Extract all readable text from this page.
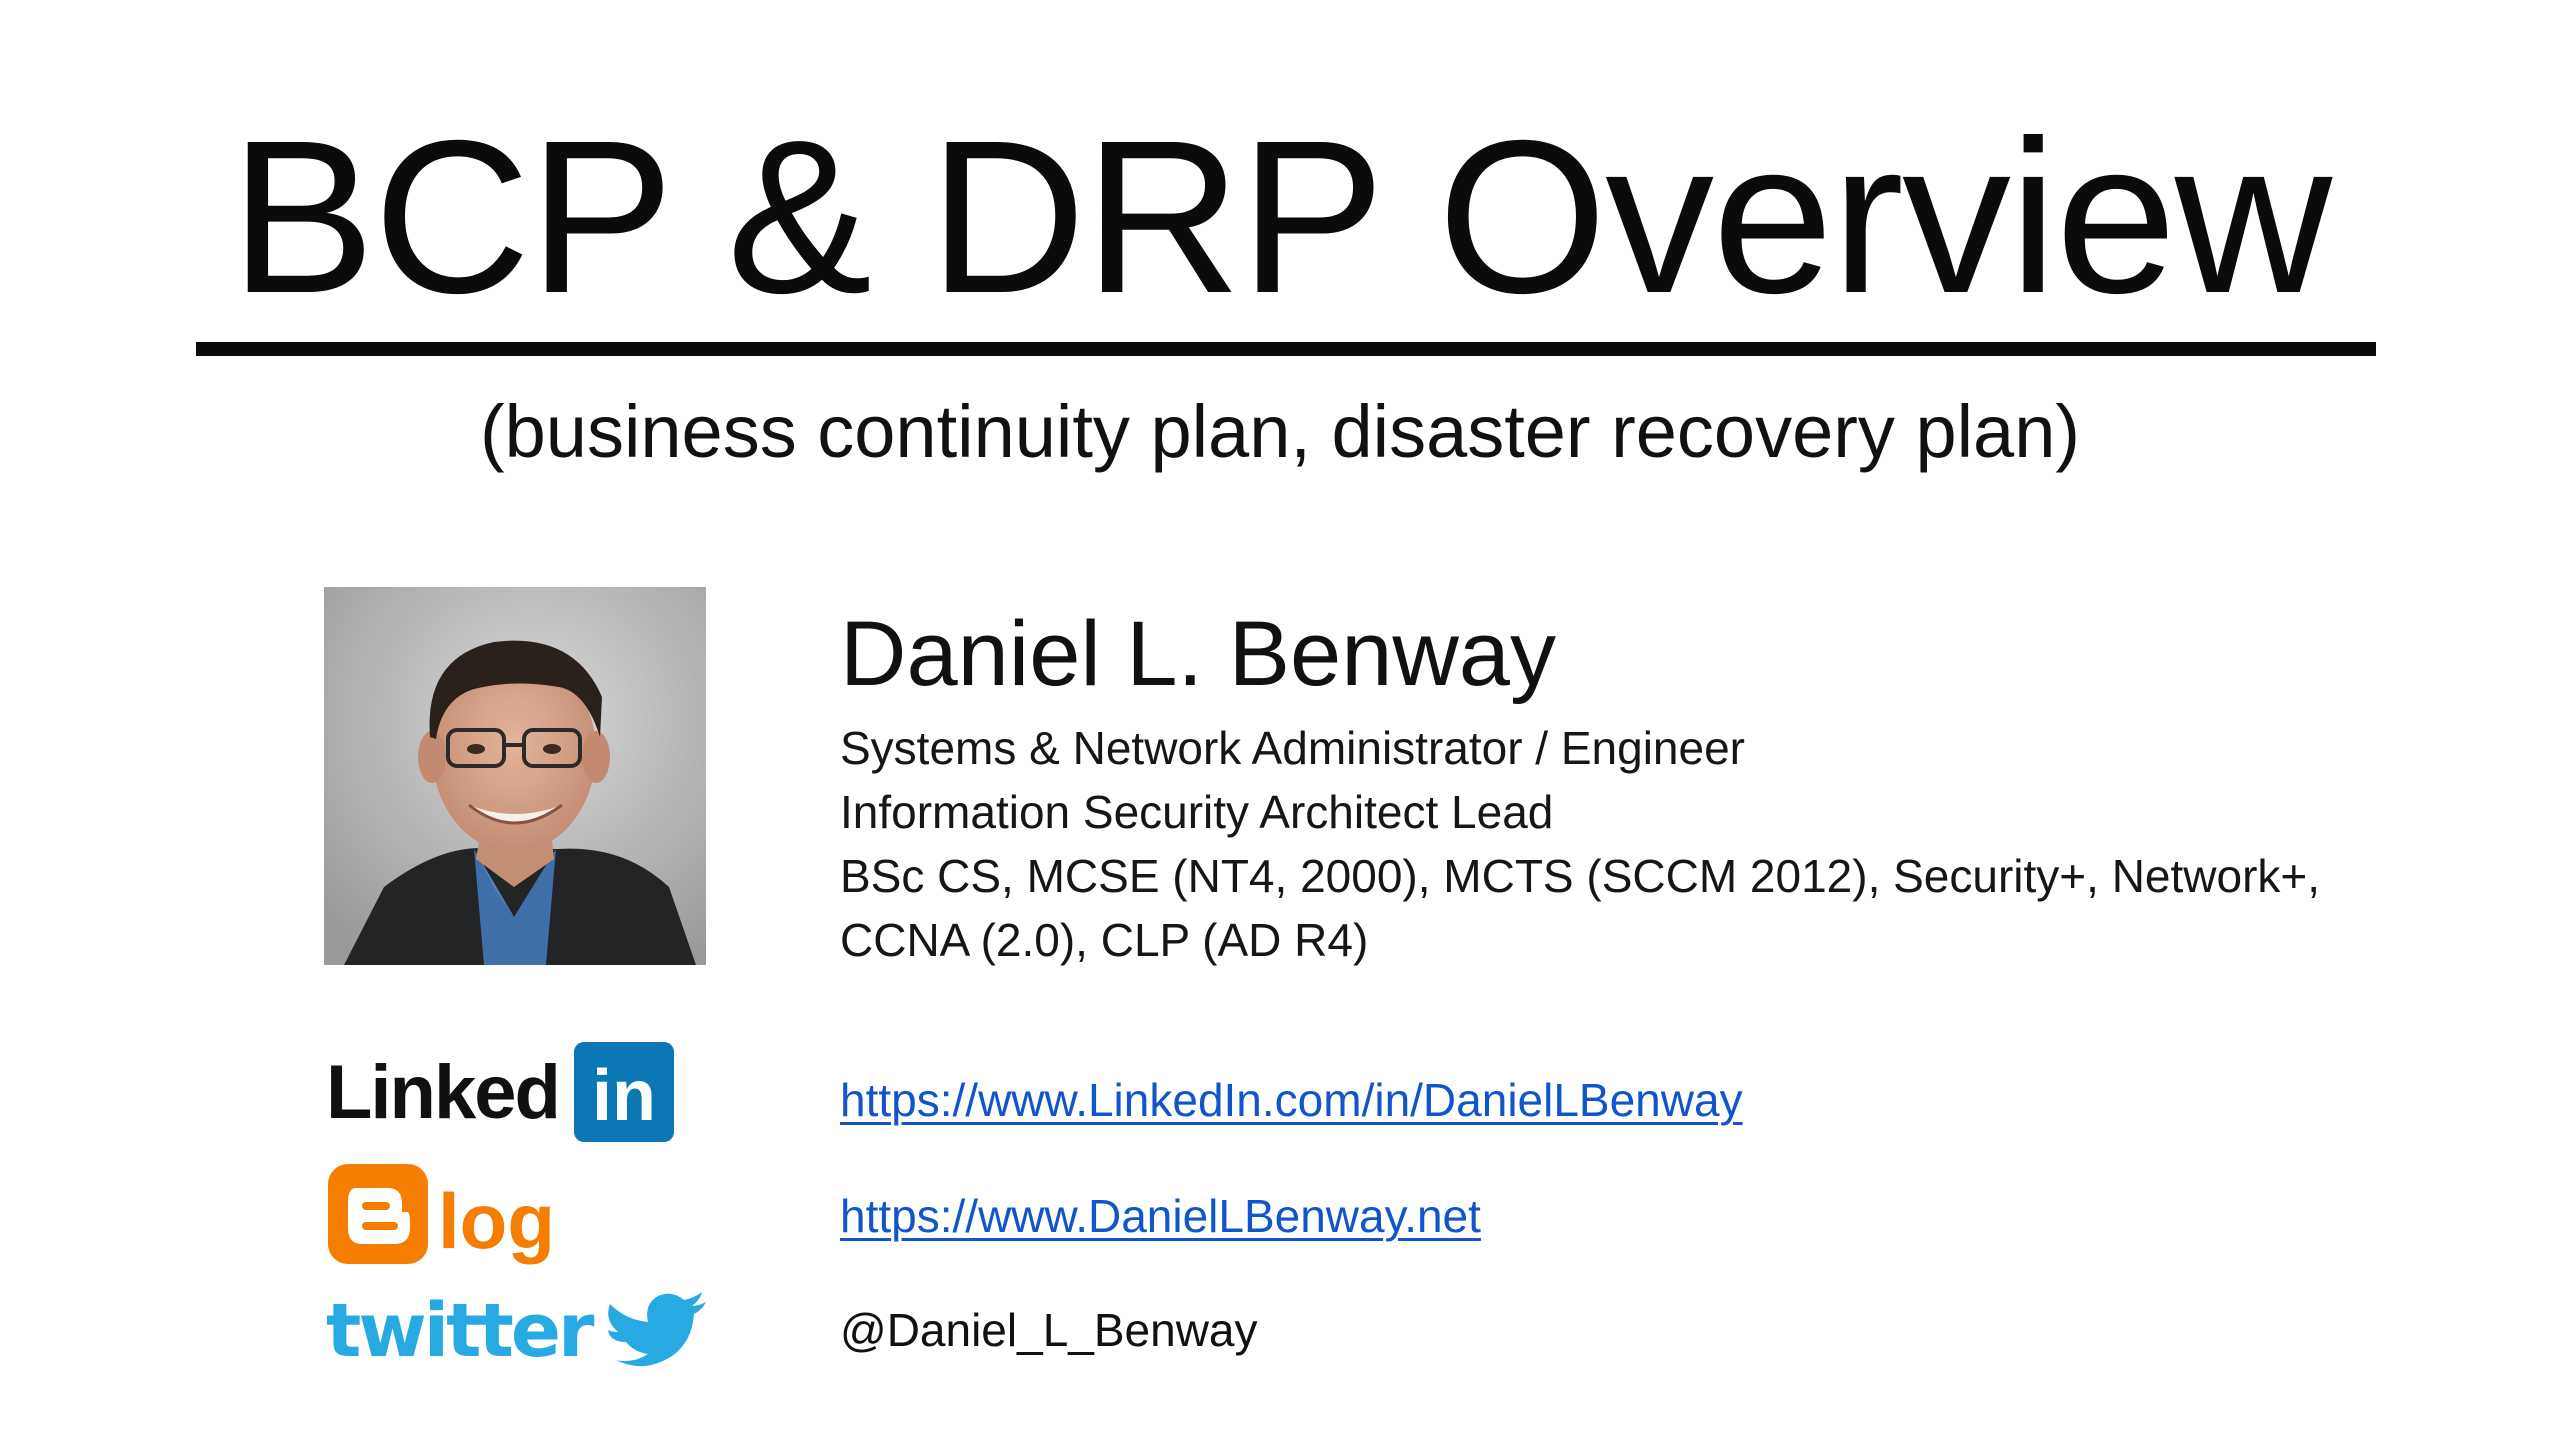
BCP & DRP Overview
(business continuity plan, disaster recovery plan)
Daniel L. Benway
Systems & Network Administrator / Engineer
Information Security Architect Lead
BSc CS, MCSE (NT4, 2000), MCTS (SCCM 2012), Security+, Network+,
CCNA (2.0), CLP (AD R4)
Linked in	https://www.LinkedIn.com/in/DanielLBenway
log	https://www.DanielLBenway.net
twitter	@Daniel_L_Benway
